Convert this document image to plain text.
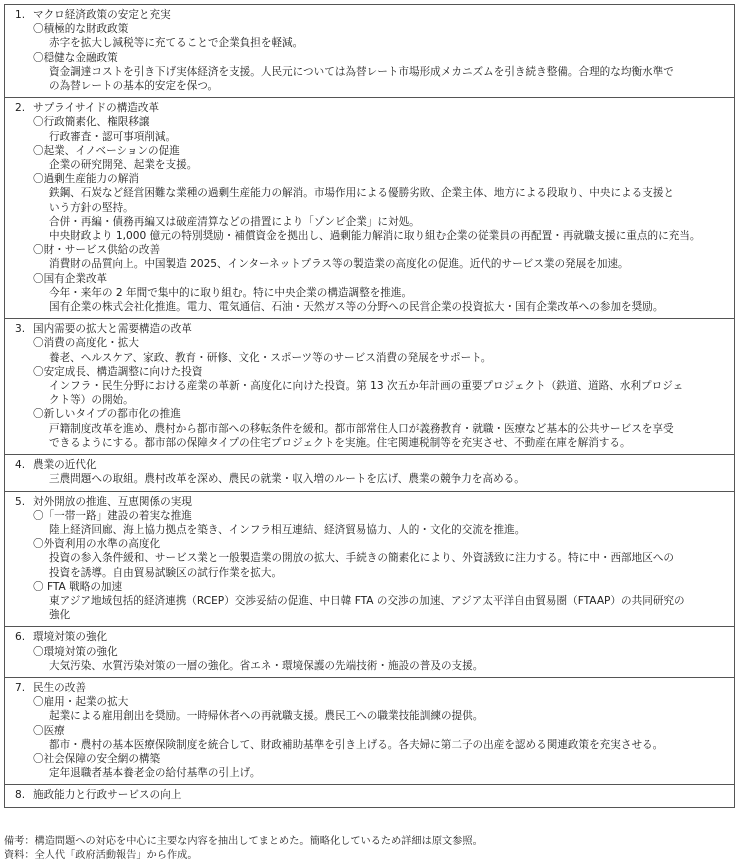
1. マクロ経済政策の安定と充実
〇積極的な財政政策
赤字を拡大し減税等に充てることで企業負担を軽減。
〇穏健な金融政策
資金調達コストを引き下げ実体経済を支援。人民元については為替レート市場形成メカニズムを引き続き整備。合理的な均衡水準で
の為替レートの基本的安定を保つ。
2. サプライサイドの構造改革
〇行政簡素化、権限移譲
行政審査・認可事項削減。
〇起業、イノベーションの促進
企業の研究開発、起業を支援。
〇過剰生産能力の解消
鉄鋼、石炭など経営困難な業種の過剰生産能力の解消。市場作用による優勝劣敗、企業主体、地方による段取り、中央による支援と
いう方針の堅持。
合併・再編・債務再編又は破産清算などの措置により「ゾンビ企業」に対処。
中央財政より 1,000 億元の特別奨励・補償資金を拠出し、過剰能力解消に取り組む企業の従業員の再配置・再就職支援に重点的に充当。
〇財・サービス供給の改善
消費財の品質向上。中国製造 2025、インターネットプラス等の製造業の高度化の促進。近代的サービス業の発展を加速。
〇国有企業改革
今年・来年の 2 年間で集中的に取り組む。特に中央企業の構造調整を推進。
国有企業の株式会社化推進。電力、電気通信、石油・天然ガス等の分野への民営企業の投資拡大・国有企業改革への参加を奨励。
3. 国内需要の拡大と需要構造の改革
〇消費の高度化・拡大
養老、ヘルスケア、家政、教育・研修、文化・スポーツ等のサービス消費の発展をサポート。
〇安定成長、構造調整に向けた投資
インフラ・民生分野における産業の革新・高度化に向けた投資。第 13 次五か年計画の重要プロジェクト（鉄道、道路、水利プロジェ
クト等）の開始。
〇新しいタイプの都市化の推進
戸籍制度改革を進め、農村から都市部への移転条件を緩和。都市部常住人口が義務教育・就職・医療など基本的公共サービスを享受
できるようにする。都市部の保障タイプの住宅プロジェクトを実施。住宅関連税制等を充実させ、不動産在庫を解消する。
4. 農業の近代化
三農問題への取組。農村改革を深め、農民の就業・収入増のルートを広げ、農業の競争力を高める。
5. 対外開放の推進、互恵関係の実現
〇「一帯一路」建設の着実な推進
陸上経済回廊、海上協力拠点を築き、インフラ相互連結、経済貿易協力、人的・文化的交流を推進。
〇外資利用の水準の高度化
投資の参入条件緩和、サービス業と一般製造業の開放の拡大、手続きの簡素化により、外資誘致に注力する。特に中・西部地区への
投資を誘導。自由貿易試験区の試行作業を拡大。
〇 FTA 戦略の加速
東アジア地域包括的経済連携（RCEP）交渉妥結の促進、中日韓 FTA の交渉の加速、アジア太平洋自由貿易圏（FTAAP）の共同研究の
強化
6. 環境対策の強化
〇環境対策の強化
大気汚染、水質汚染対策の一層の強化。省エネ・環境保護の先端技術・施設の普及の支援。
7. 民生の改善
〇雇用・起業の拡大
起業による雇用創出を奨励。一時帰休者への再就職支援。農民工への職業技能訓練の提供。
〇医療
都市・農村の基本医療保険制度を統合して、財政補助基準を引き上げる。各夫婦に第二子の出産を認める関連政策を充実させる。
〇社会保障の安全網の構築
定年退職者基本養老金の給付基準の引上げ。
8. 施政能力と行政サービスの向上
備考：構造問題への対応を中心に主要な内容を抽出してまとめた。簡略化しているため詳細は原文参照。
資料：全人代「政府活動報告」から作成。
